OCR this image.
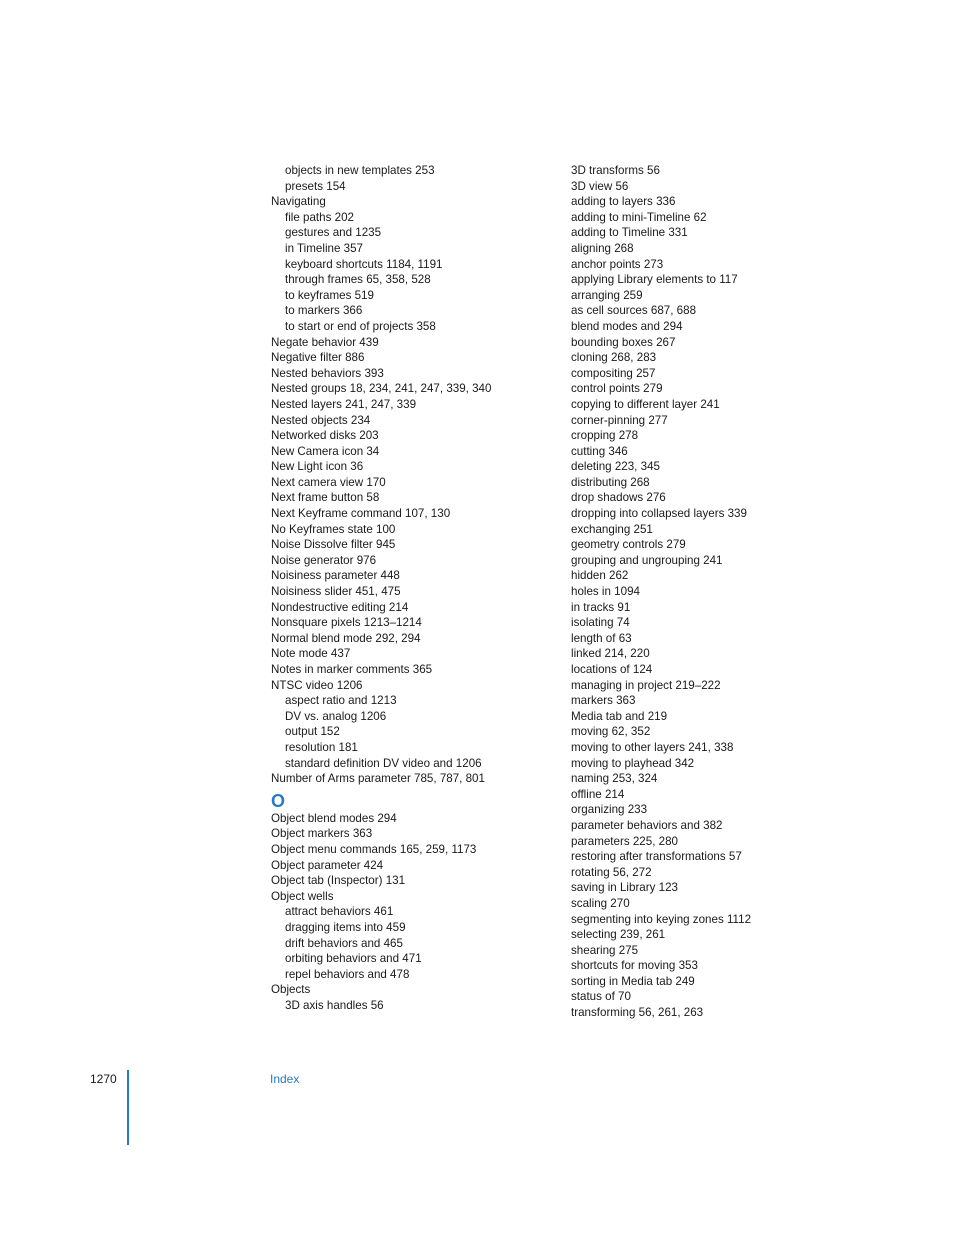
objects in new templates 253
presets 154
Navigating
file paths 202
gestures and 1235
in Timeline 357
keyboard shortcuts 1184, 1191
through frames 65, 358, 528
to keyframes 519
to markers 366
to start or end of projects 358
Negate behavior 439
Negative filter 886
Nested behaviors 393
Nested groups 18, 234, 241, 247, 339, 340
Nested layers 241, 247, 339
Nested objects 234
Networked disks 203
New Camera icon 34
New Light icon 36
Next camera view 170
Next frame button 58
Next Keyframe command 107, 130
No Keyframes state 100
Noise Dissolve filter 945
Noise generator 976
Noisiness parameter 448
Noisiness slider 451, 475
Nondestructive editing 214
Nonsquare pixels 1213–1214
Normal blend mode 292, 294
Note mode 437
Notes in marker comments 365
NTSC video 1206
aspect ratio and 1213
DV vs. analog 1206
output 152
resolution 181
standard definition DV video and 1206
Number of Arms parameter 785, 787, 801
O
Object blend modes 294
Object markers 363
Object menu commands 165, 259, 1173
Object parameter 424
Object tab (Inspector) 131
Object wells
attract behaviors 461
dragging items into 459
drift behaviors and 465
orbiting behaviors and 471
repel behaviors and 478
Objects
3D axis handles 56
3D transforms 56
3D view 56
adding to layers 336
adding to mini-Timeline 62
adding to Timeline 331
aligning 268
anchor points 273
applying Library elements to 117
arranging 259
as cell sources 687, 688
blend modes and 294
bounding boxes 267
cloning 268, 283
compositing 257
control points 279
copying to different layer 241
corner-pinning 277
cropping 278
cutting 346
deleting 223, 345
distributing 268
drop shadows 276
dropping into collapsed layers 339
exchanging 251
geometry controls 279
grouping and ungrouping 241
hidden 262
holes in 1094
in tracks 91
isolating 74
length of 63
linked 214, 220
locations of 124
managing in project 219–222
markers 363
Media tab and 219
moving 62, 352
moving to other layers 241, 338
moving to playhead 342
naming 253, 324
offline 214
organizing 233
parameter behaviors and 382
parameters 225, 280
restoring after transformations 57
rotating 56, 272
saving in Library 123
scaling 270
segmenting into keying zones 1112
selecting 239, 261
shearing 275
shortcuts for moving 353
sorting in Media tab 249
status of 70
transforming 56, 261, 263
1270	Index
